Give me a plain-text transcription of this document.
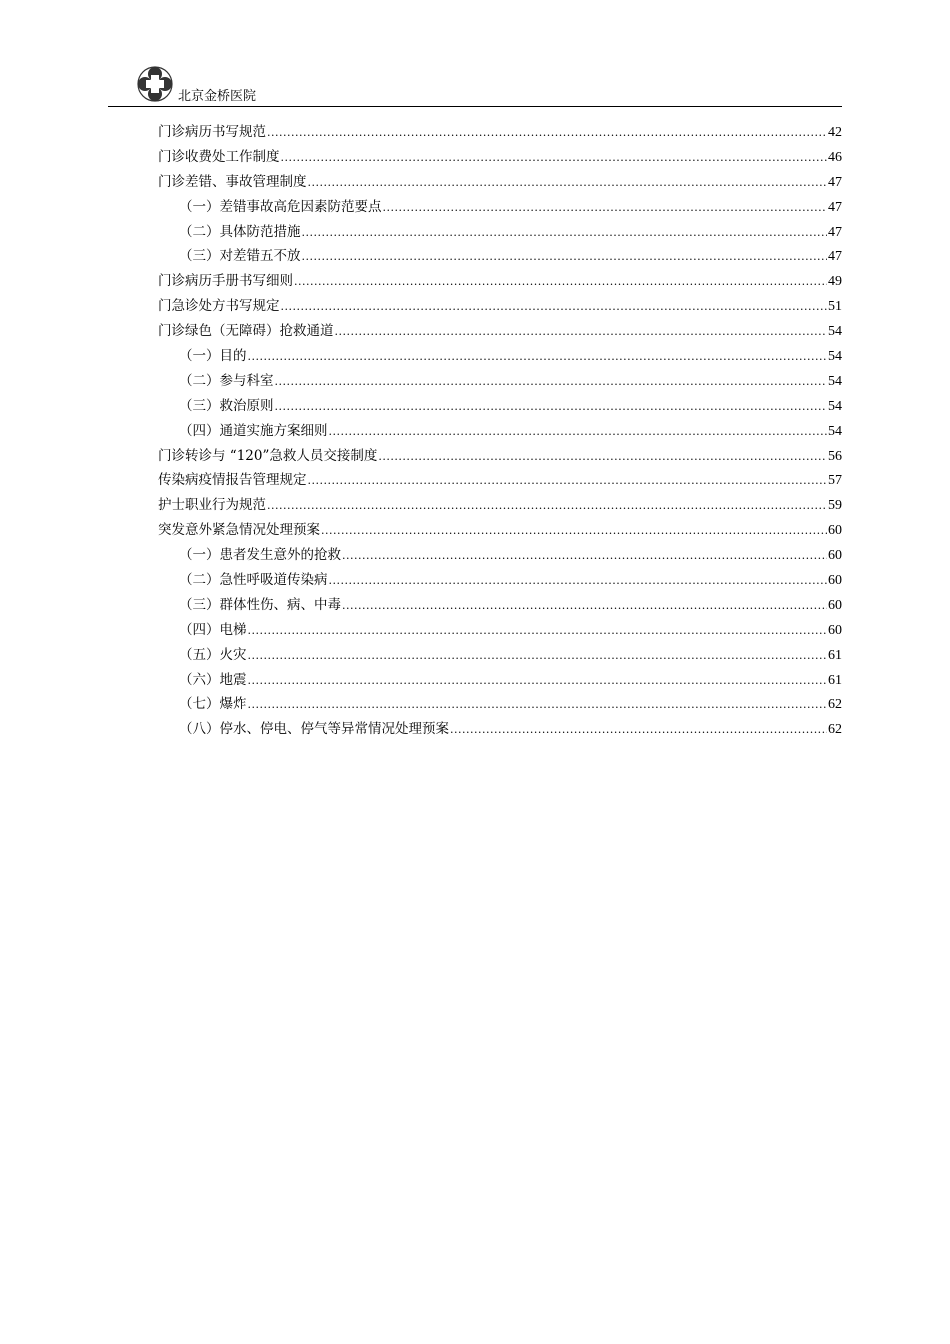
北京金桥医院
门诊病历书写规范 .....	42
门诊收费处工作制度 .....	46
门诊差错、事故管理制度 .....	47
（一）差错事故高危因素防范要点 .....	47
（二）具体防范措施 .....	47
（三）对差错五不放 .....	47
门诊病历手册书写细则 .....	49
门急诊处方书写规定 .....	51
门诊绿色（无障碍）抢救通道 .....	54
（一）目的 .....	54
（二）参与科室 .....	54
（三）救治原则 .....	54
（四）通道实施方案细则 .....	54
门诊转诊与 “120”急救人员交接制度 .....	56
传染病疫情报告管理规定 .....	57
护士职业行为规范 .....	59
突发意外紧急情况处理预案 .....	60
（一）患者发生意外的抢救 .....	60
（二）急性呼吸道传染病 .....	60
（三）群体性伤、病、中毒 .....	60
（四）电梯 .....	60
（五）火灾 .....	61
（六）地震 .....	61
（七）爆炸 .....	62
（八）停水、停电、停气等异常情况处理预案 .....	62
